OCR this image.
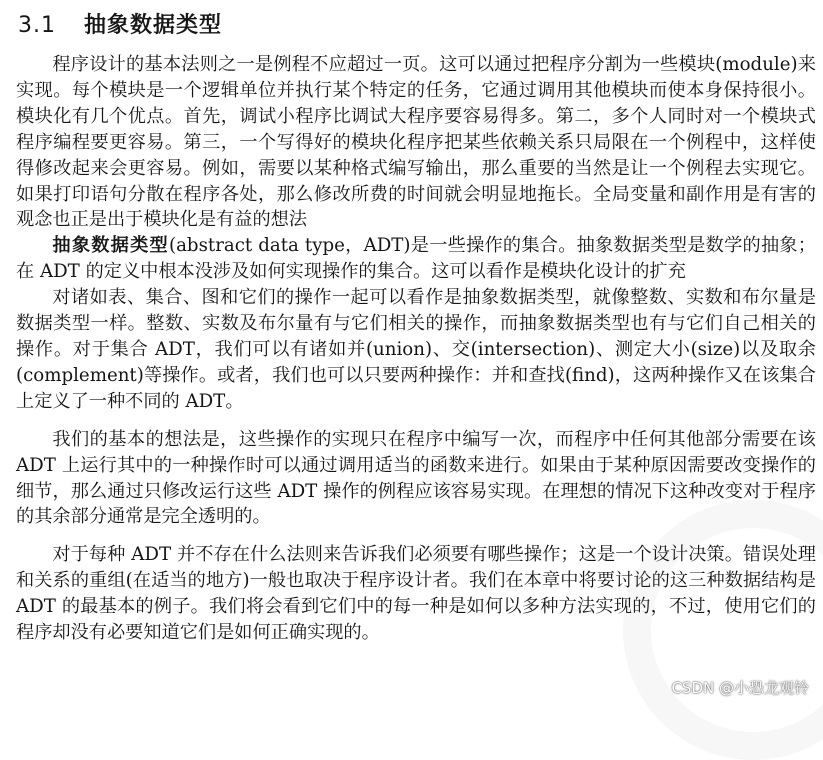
3.1 抽象数据类型

程序设计的基本法则之一是例程不应超过一页。这可以通过把程序分割为一些模块(module)来实现。每个模块是一个逻辑单位并执行某个特定的任务，它通过调用其他模块而使本身保持很小。模块化有几个优点。首先，调试小程序比调试大程序要容易得多。第二，多个人同时对一个模块式程序编程要更容易。第三，一个写得好的模块化程序把某些依赖关系只局限在一个例程中，这样使得修改起来会更容易。例如，需要以某种格式编写输出，那么重要的当然是让一个例程去实现它。如果打印语句分散在程序各处，那么修改所费的时间就会明显地拖长。全局变量和副作用是有害的观念也正是出于模块化是有益的想法

抽象数据类型(abstract data type，ADT)是一些操作的集合。抽象数据类型是数学的抽象；在 ADT 的定义中根本没涉及如何实现操作的集合。这可以看作是模块化设计的扩充

对诸如表、集合、图和它们的操作一起可以看作是抽象数据类型，就像整数、实数和布尔量是数据类型一样。整数、实数及布尔量有与它们相关的操作，而抽象数据类型也有与它们自己相关的操作。对于集合 ADT，我们可以有诸如并(union)、交(intersection)、测定大小(size)以及取余(complement)等操作。或者，我们也可以只要两种操作：并和查找(find)，这两种操作又在该集合上定义了一种不同的 ADT。

我们的基本的想法是，这些操作的实现只在程序中编写一次，而程序中任何其他部分需要在该 ADT 上运行其中的一种操作时可以通过调用适当的函数来进行。如果由于某种原因需要改变操作的细节，那么通过只修改运行这些 ADT 操作的例程应该容易实现。在理想的情况下这种改变对于程序的其余部分通常是完全透明的。

对于每种 ADT 并不存在什么法则来告诉我们必须要有哪些操作；这是一个设计决策。错误处理和关系的重组(在适当的地方)一般也取决于程序设计者。我们在本章中将要讨论的这三种数据结构是 ADT 的最基本的例子。我们将会看到它们中的每一种是如何以多种方法实现的，不过，使用它们的程序却没有必要知道它们是如何正确实现的。

CSDN @小恐龙观铃
